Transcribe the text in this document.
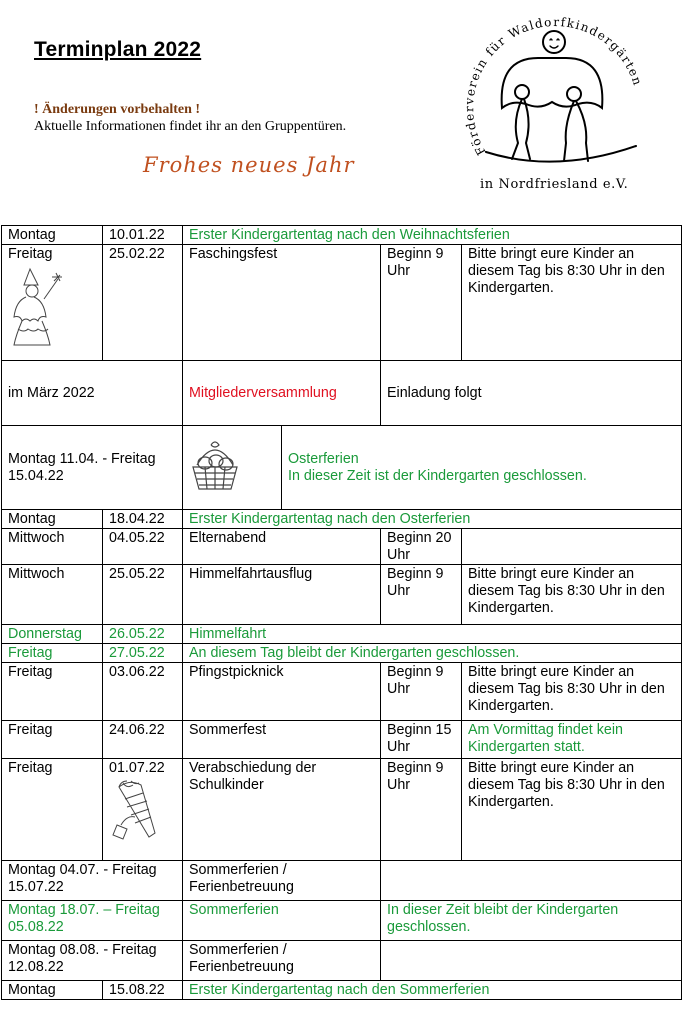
Terminplan 2022
! Änderungen vorbehalten !
Aktuelle Informationen findet ihr an den Gruppentüren.
Frohes neues Jahr
Förderverein für Waldorfkindergärten
in Nordfriesland e.V.
Montag	10.01.22	Erster Kindergartentag nach den Weihnachtsferien			

Freitag	25.02.22	Faschingsfest		Beginn 9 Uhr	Bitte bringt eure Kinder an diesem Tag bis 8:30 Uhr in den Kindergarten.
im März 2022		Mitgliederversammlung		Einladung folgt	
Montag 11.04. - Freitag 15.04.22			Osterferien
In dieser Zeit ist der Kindergarten geschlossen.		

Montag	18.04.22	Erster Kindergartentag nach den Osterferien			
Mittwoch	04.05.22	Elternabend		Beginn 20 Uhr	
Mittwoch	25.05.22	Himmelfahrtausflug		Beginn 9 Uhr	Bitte bringt eure Kinder an diesem Tag bis 8:30 Uhr in den Kindergarten.
Donnerstag	26.05.22	Himmelfahrt			
Freitag	27.05.22	An diesem Tag bleibt der Kindergarten geschlossen.			
Freitag	03.06.22	Pfingstpicknick		Beginn 9 Uhr	Bitte bringt eure Kinder an diesem Tag bis 8:30 Uhr in den Kindergarten.
Freitag	24.06.22	Sommerfest		Beginn 15 Uhr	Am Vormittag findet kein Kindergarten statt.
Freitag	01.07.22	Verabschiedung der Schulkinder		Beginn 9 Uhr	Bitte bringt eure Kinder an diesem Tag bis 8:30 Uhr in den Kindergarten.
Montag 04.07. - Freitag 15.07.22		Sommerferien / Ferienbetreuung			
Montag 18.07. – Freitag 05.08.22		Sommerferien		In dieser Zeit bleibt der Kindergarten geschlossen.	
Montag 08.08. - Freitag 12.08.22		Sommerferien / Ferienbetreuung			
Montag	15.08.22	Erster Kindergartentag nach den Sommerferien			
